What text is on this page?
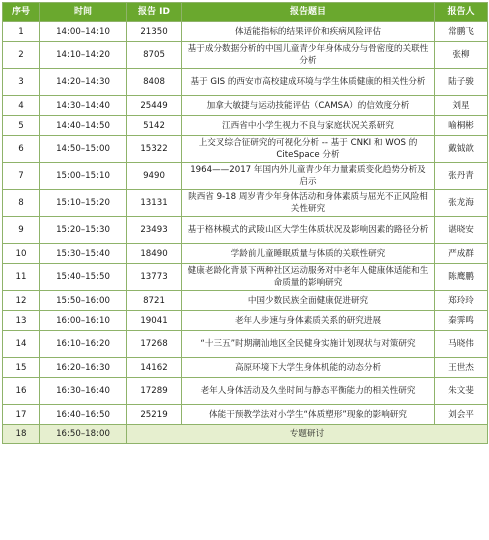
序号	时间	报告 ID	报告题目	报告人
1	14:00–14:10	21350	体适能指标的结果评价和疾病风险评估	常鹏飞
2	14:10–14:20	8705	基于成分数据分析的中国儿童青少年身体成分与骨密度的关联性分析	张柳
3	14:20–14:30	8408	基于 GIS 的西安市高校建成环境与学生体质健康的相关性分析	陆子骏
4	14:30–14:40	25449	加拿大敏捷与运动技能评估（CAMSA）的信效度分析	刘星
5	14:40–14:50	5142	江西省中小学生视力不良与家庭状况关系研究	喻桐彬
6	14:50–15:00	15322	上交叉综合征研究的可视化分析 -- 基于 CNKI 和 WOS 的 CiteSpace 分析	戴钺歆
7	15:00–15:10	9490	1964——2017 年国内外儿童青少年力量素质变化趋势分析及启示	张丹青
8	15:10–15:20	13131	陕西省 9-18 周岁青少年身体活动和身体素质与屈光不正风险相关性研究	张龙海
9	15:20–15:30	23493	基于格林模式的武陵山区大学生体质状况及影响因素的路径分析	谌晓安
10	15:30–15:40	18490	学龄前儿童睡眠质量与体质的关联性研究	严成群
11	15:40–15:50	13773	健康老龄化背景下两种社区运动服务对中老年人健康体适能和生命质量的影响研究	陈鹰鹏
12	15:50–16:00	8721	中国少数民族全面健康促进研究	郑玲玲
13	16:00–16:10	19041	老年人步速与身体素质关系的研究进展	秦霁鸣
14	16:10–16:20	17268	“十三五”时期潮汕地区全民健身实施计划现状与对策研究	马晓伟
15	16:20–16:30	14162	高原环境下大学生身体机能的动态分析	王世杰
16	16:30–16:40	17289	老年人身体活动及久坐时间与静态平衡能力的相关性研究	朱文斐
17	16:40–16:50	25219	体能干预教学法对小学生“体质塑形”现象的影响研究	刘会平
18	16:50–18:00	专题研讨		
